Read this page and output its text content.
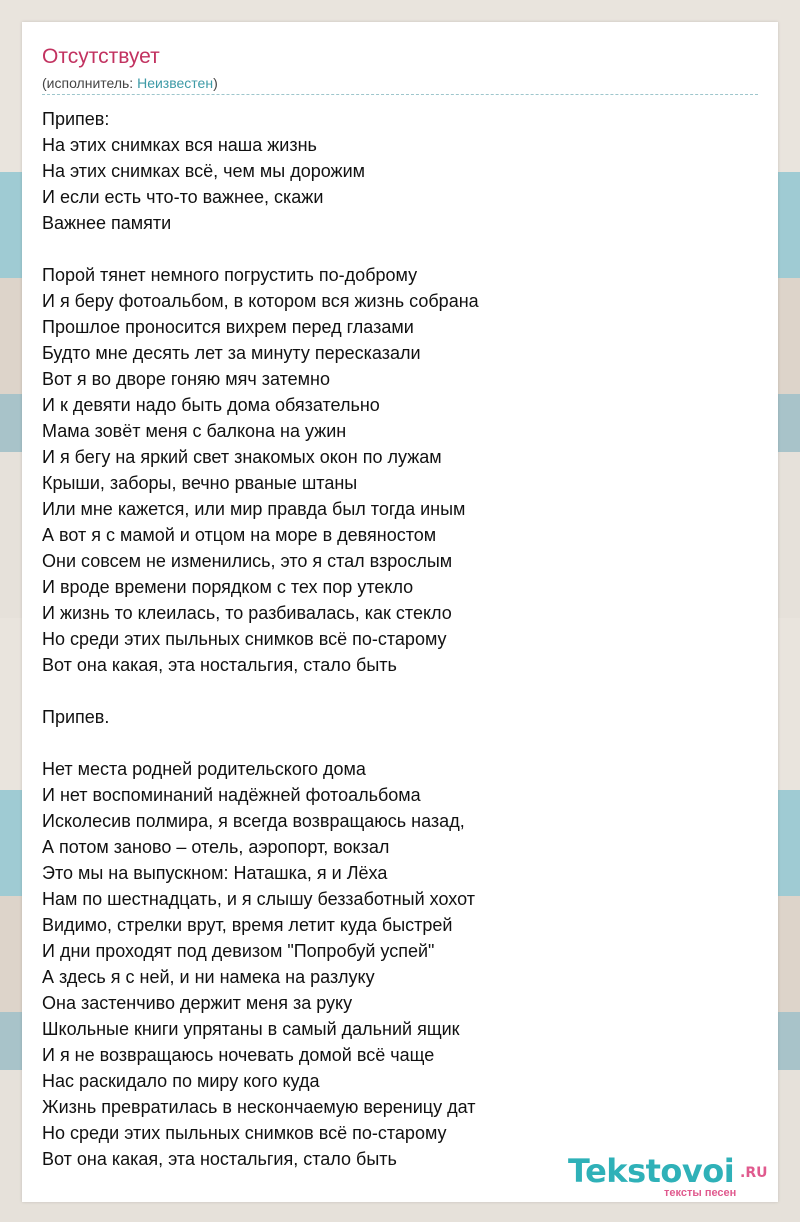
Отсутствует
(исполнитель: Неизвестен)
Припев:
На этих снимках вся наша жизнь
На этих снимках всё, чем мы дорожим
И если есть что-то важнее, скажи
Важнее памяти
Порой тянет немного погрустить по-доброму
И я беру фотоальбом, в котором вся жизнь собрана
Прошлое проносится вихрем перед глазами
Будто мне десять лет за минуту пересказали
Вот я во дворе гоняю мяч затемно
И к девяти надо быть дома обязательно
Мама зовёт меня с балкона на ужин
И я бегу на яркий свет знакомых окон по лужам
Крыши, заборы, вечно рваные штаны
Или мне кажется, или мир правда был тогда иным
А вот я с мамой и отцом на море в девяностом
Они совсем не изменились, это я стал взрослым
И вроде времени порядком с тех пор утекло
И жизнь то клеилась, то разбивалась, как стекло
Но среди этих пыльных снимков всё по-старому
Вот она какая, эта ностальгия, стало быть
Припев.
Нет места родней родительского дома
И нет воспоминаний надёжней фотоальбома
Исколесив полмира, я всегда возвращаюсь назад,
А потом заново – отель, аэропорт, вокзал
Это мы на выпускном: Наташка, я и Лёха
Нам по шестнадцать, и я слышу беззаботный хохот
Видимо, стрелки врут, время летит куда быстрей
И дни проходят под девизом "Попробуй успей"
А здесь я с ней, и ни намека на разлуку
Она застенчиво держит меня за руку
Школьные книги упрятаны в самый дальний ящик
И я не возвращаюсь ночевать домой всё чаще
Нас раскидало по миру кого куда
Жизнь превратилась в нескончаемую вереницу дат
Но среди этих пыльных снимков всё по-старому
Вот она какая, эта ностальгия, стало быть	Tekstovoi .RU
тексты песен
